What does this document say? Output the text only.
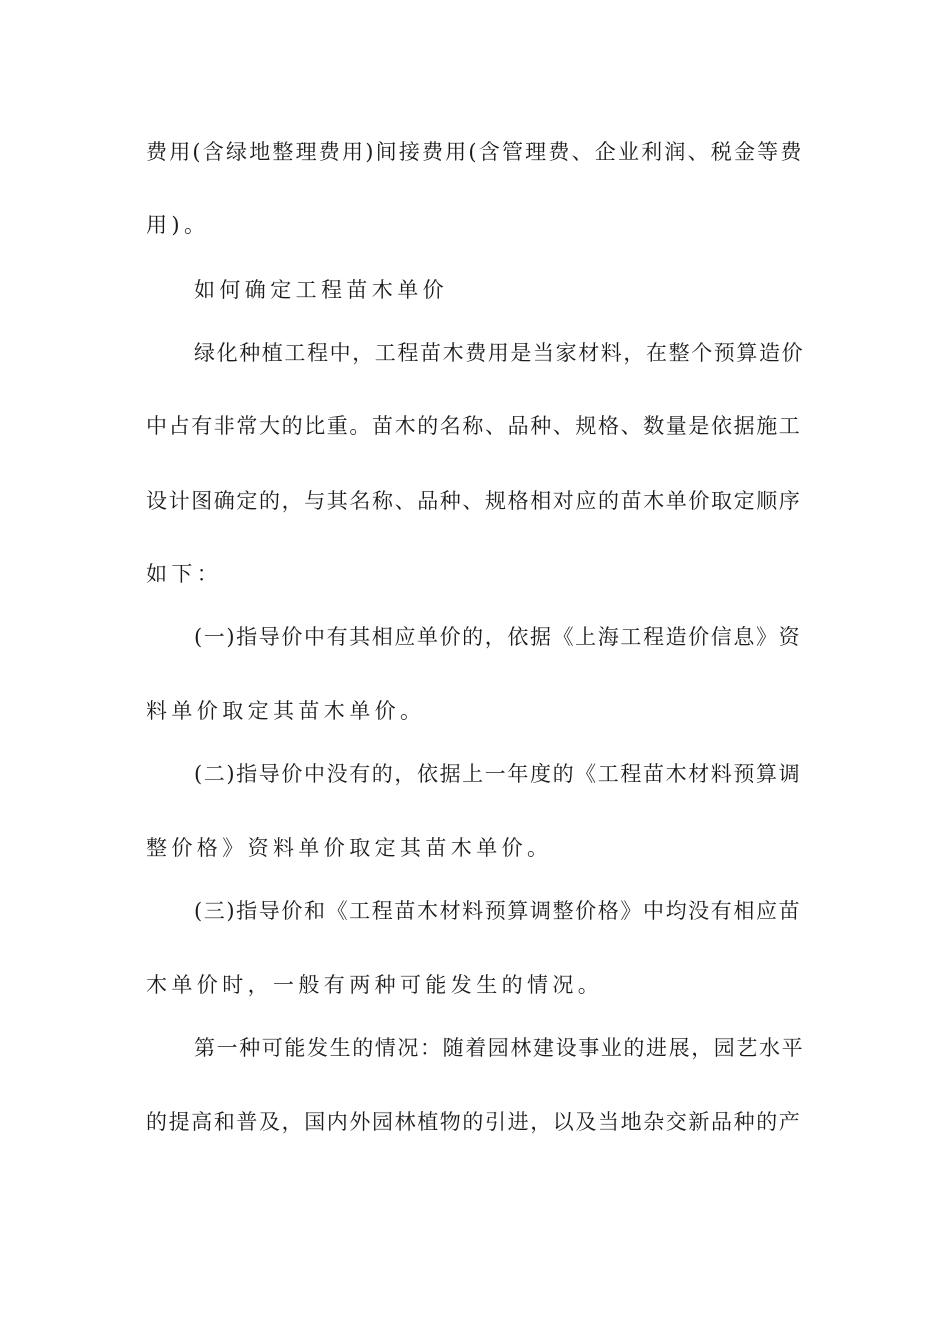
费用(含绿地整理费用)间接费用(含管理费、企业利润、税金等费
用)。
如何确定工程苗木单价
绿化种植工程中，工程苗木费用是当家材料，在整个预算造价
中占有非常大的比重。苗木的名称、品种、规格、数量是依据施工
设计图确定的，与其名称、品种、规格相对应的苗木单价取定顺序
如下：
(一)指导价中有其相应单价的，依据《上海工程造价信息》资
料单价取定其苗木单价。
(二)指导价中没有的，依据上一年度的《工程苗木材料预算调
整价格》资料单价取定其苗木单价。
(三)指导价和《工程苗木材料预算调整价格》中均没有相应苗
木单价时，一般有两种可能发生的情况。
第一种可能发生的情况：随着园林建设事业的进展，园艺水平
的提高和普及，国内外园林植物的引进，以及当地杂交新品种的产
